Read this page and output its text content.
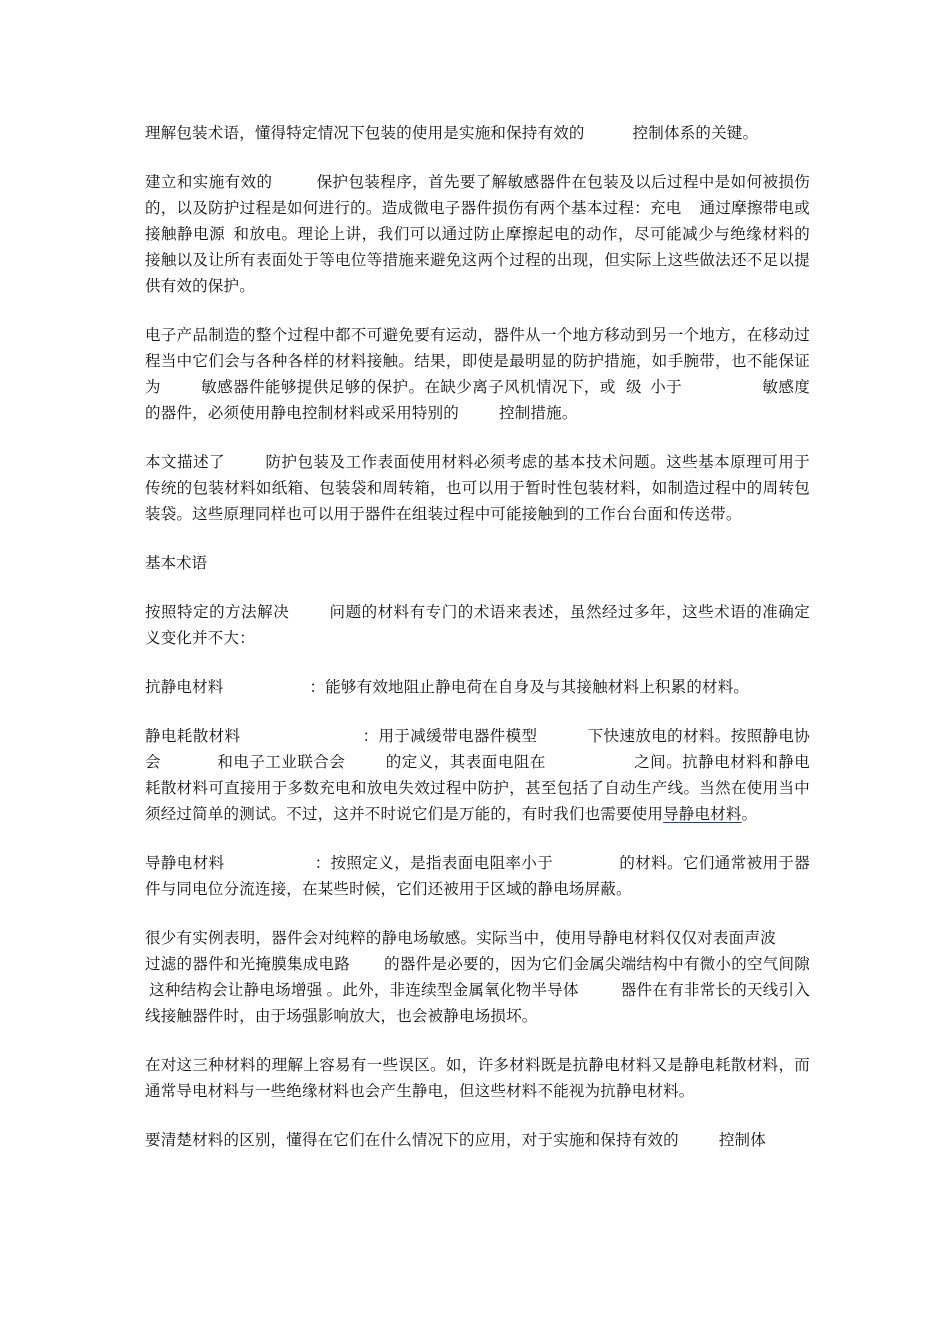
理解包装术语，懂得特定情况下包装的使用是实施和保持有效的	控制体系的关键。

建立和实施有效的	保护包装程序，首先要了解敏感器件在包装及以后过程中是如何被损伤的，以及防护过程是如何进行的。造成微电子器件损伤有两个基本过程：充电 通过摩擦带电或接触静电源 和放电。理论上讲，我们可以通过防止摩擦起电的动作，尽可能减少与绝缘材料的接触以及让所有表面处于等电位等措施来避免这两个过程的出现，但实际上这些做法还不足以提供有效的保护。

电子产品制造的整个过程中都不可避免要有运动，器件从一个地方移动到另一个地方，在移动过程当中它们会与各种各样的材料接触。结果，即使是最明显的防护措施，如手腕带，也不能保证为	敏感器件能够提供足够的保护。在缺少离子风机情况下，或 级 小于	敏感度的器件，必须使用静电控制材料或采用特别的	控制措施。

本文描述了	防护包装及工作表面使用材料必须考虑的基本技术问题。这些基本原理可用于传统的包装材料如纸箱、包装袋和周转箱，也可以用于暂时性包装材料，如制造过程中的周转包装袋。这些原理同样也可以用于器件在组装过程中可能接触到的工作台台面和传送带。

基本术语

按照特定的方法解决	问题的材料有专门的术语来表述，虽然经过多年，这些术语的准确定义变化并不大：

抗静电材料	：能够有效地阻止静电荷在自身及与其接触材料上积累的材料。

静电耗散材料	：用于减缓带电器件模型	下快速放电的材料。按照静电协会	和电子工业联合会	的定义，其表面电阻在	之间。抗静电材料和静电耗散材料可直接用于多数充电和放电失效过程中防护，甚至包括了自动生产线。当然在使用当中须经过简单的测试。不过，这并不时说它们是万能的，有时我们也需要使用导静电材料。

导静电材料	：按照定义，是指表面电阻率小于	的材料。它们通常被用于器件与同电位分流连接，在某些时候，它们还被用于区域的静电场屏蔽。

很少有实例表明，器件会对纯粹的静电场敏感。实际当中，使用导静电材料仅仅对表面声波过滤的器件和光掩膜集成电路 的器件是必要的，因为它们金属尖端结构中有微小的空气间隙这种结构会让静电场增强 。此外，非连续型金属氧化物半导体	器件在有非常长的天线引入线接触器件时，由于场强影响放大，也会被静电场损坏。

在对这三种材料的理解上容易有一些误区。如，许多材料既是抗静电材料又是静电耗散材料，而通常导电材料与一些绝缘材料也会产生静电，但这些材料不能视为抗静电材料。

要清楚材料的区别，懂得在它们在什么情况下的应用，对于实施和保持有效的	控制体
